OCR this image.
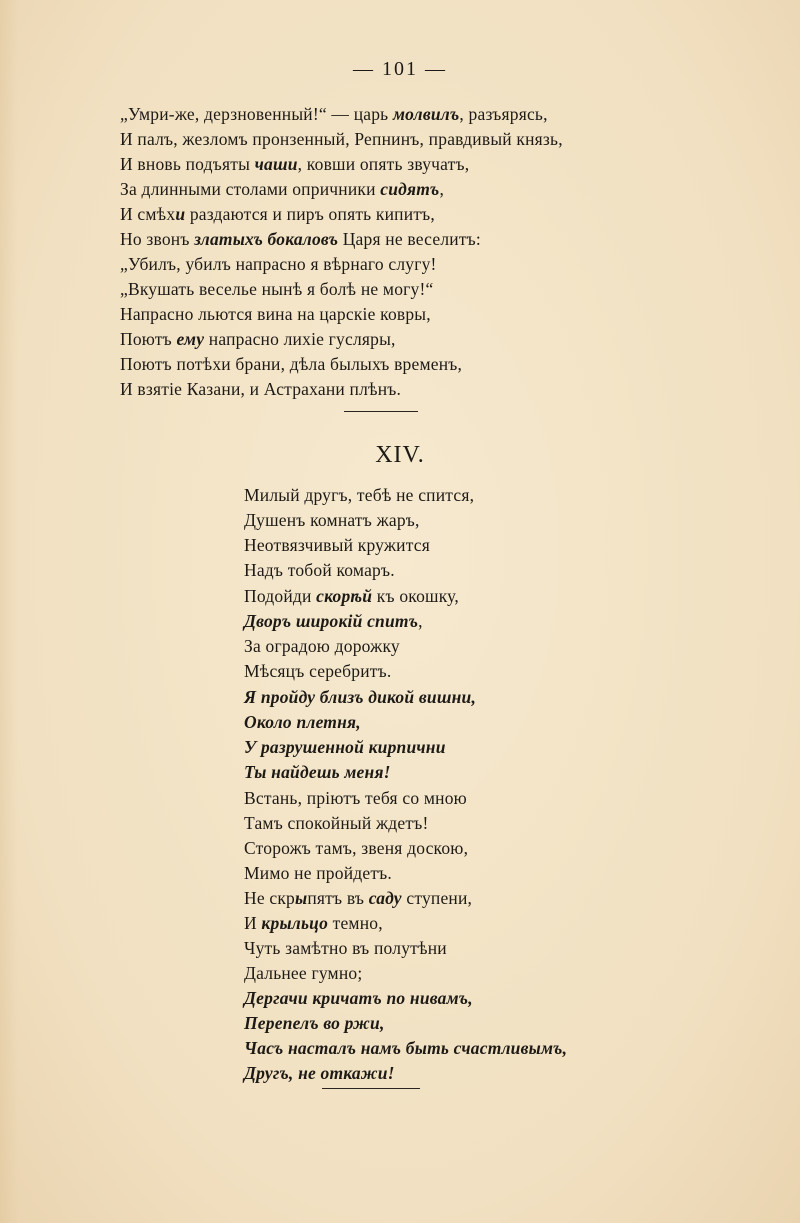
— 101 —
„Умри-же, дерзновенный!“ — царь молвилъ, разъярясь,
И палъ, жезломъ пронзенный, Репнинъ, правдивый князь,
И вновь подъяты чаши, ковши опять звучатъ,
За длинными столами опричники сидятъ,
И смѣхи раздаются и пиръ опять кипитъ,
Но звонъ златыхъ бокаловъ Царя не веселитъ:
„Убилъ, убилъ напрасно я вѣрнаго слугу!
„Вкушать веселье нынѣ я болѣ не могу!“
Напрасно льются вина на царскіе ковры,
Поютъ ему напрасно лихіе гусляры,
Поютъ потѣхи брани, дѣла былыхъ временъ,
И взятіе Казани, и Астрахани плѣнъ.
XIV.
Милый другъ, тебѣ не спится,
Душенъ комнатъ жаръ,
Неотвязчивый кружится
Надъ тобой комаръ.
Подойди скорѣй къ окошку,
Дворъ широкій спитъ,
За оградою дорожку
Мѣсяцъ серебритъ.
Я пройду близъ дикой вишни,
Около плетня,
У разрушенной кирпични
Ты найдешь меня!
Встань, пріютъ тебя со мною
Тамъ спокойный ждетъ!
Сторожъ тамъ, звеня доскою,
Мимо не пройдетъ.
Не скрыпятъ въ саду ступени,
И крыльцо темно,
Чуть замѣтно въ полутѣни
Дальнее гумно;
Дергачи кричатъ по нивамъ,
Перепелъ во ржи,
Часъ насталъ намъ быть счастливымъ,
Другъ, не откажи!
